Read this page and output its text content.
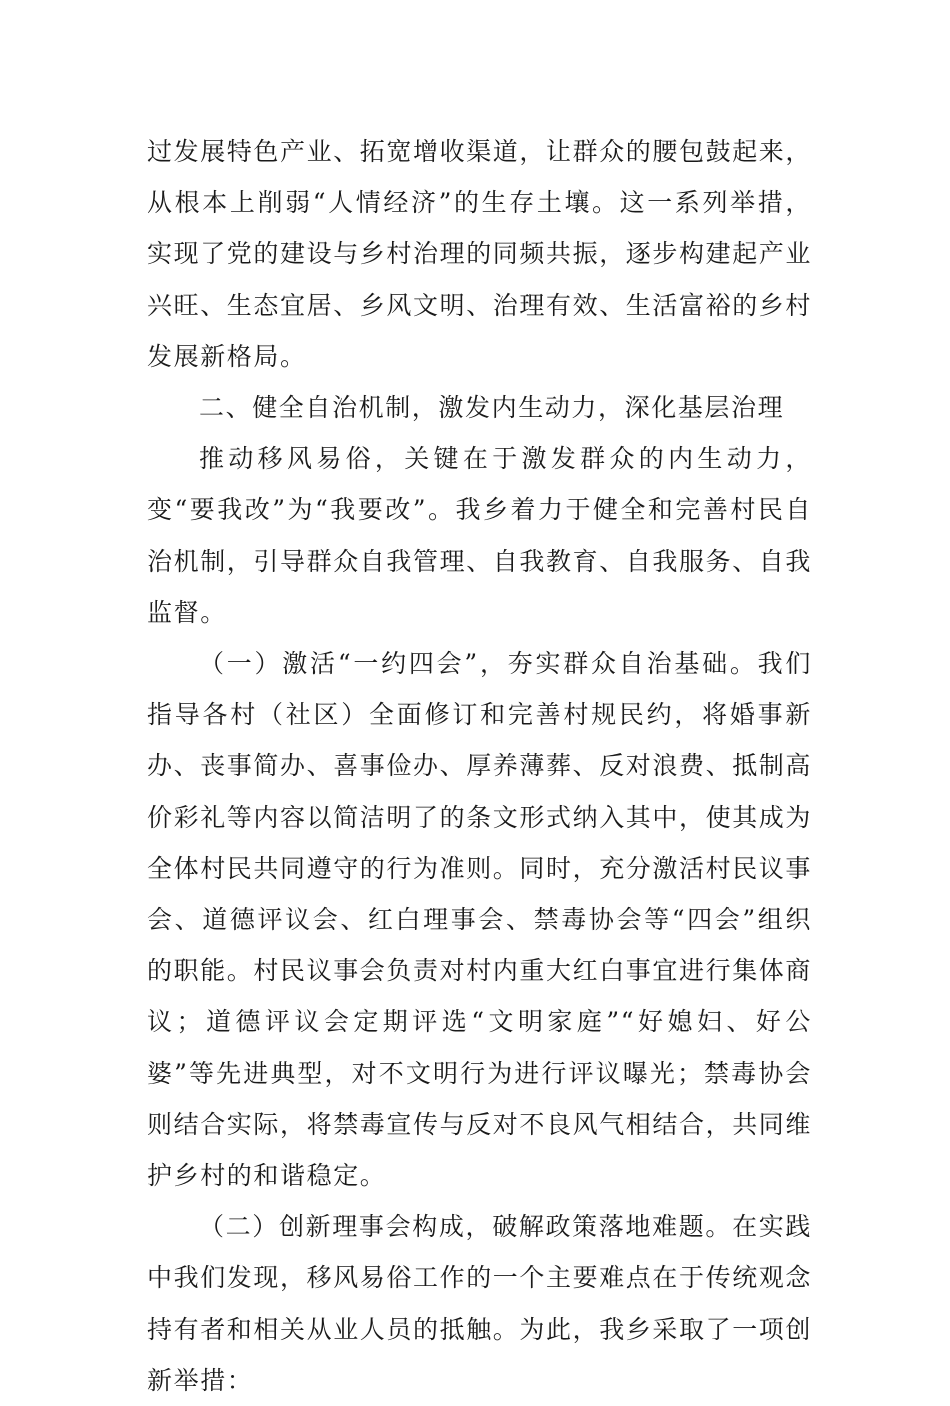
过发展特色产业、拓宽增收渠道，让群众的腰包鼓起来，从根本上削弱“人情经济”的生存土壤。这一系列举措，实现了党的建设与乡村治理的同频共振，逐步构建起产业兴旺、生态宜居、乡风文明、治理有效、生活富裕的乡村发展新格局。

二、健全自治机制，激发内生动力，深化基层治理

推动移风易俗，关键在于激发群众的内生动力，变“要我改”为“我要改”。我乡着力于健全和完善村民自治机制，引导群众自我管理、自我教育、自我服务、自我监督。

（一）激活“一约四会”，夯实群众自治基础。我们指导各村（社区）全面修订和完善村规民约，将婚事新办、丧事简办、喜事俭办、厚养薄葬、反对浪费、抵制高价彩礼等内容以简洁明了的条文形式纳入其中，使其成为全体村民共同遵守的行为准则。同时，充分激活村民议事会、道德评议会、红白理事会、禁毒协会等“四会”组织的职能。村民议事会负责对村内重大红白事宜进行集体商议；道德评议会定期评选“文明家庭”“好媳妇、好公婆”等先进典型，对不文明行为进行评议曝光；禁毒协会则结合实际，将禁毒宣传与反对不良风气相结合，共同维护乡村的和谐稳定。

（二）创新理事会构成，破解政策落地难题。在实践中我们发现，移风易俗工作的一个主要难点在于传统观念持有者和相关从业人员的抵触。为此，我乡采取了一项创新举措：
